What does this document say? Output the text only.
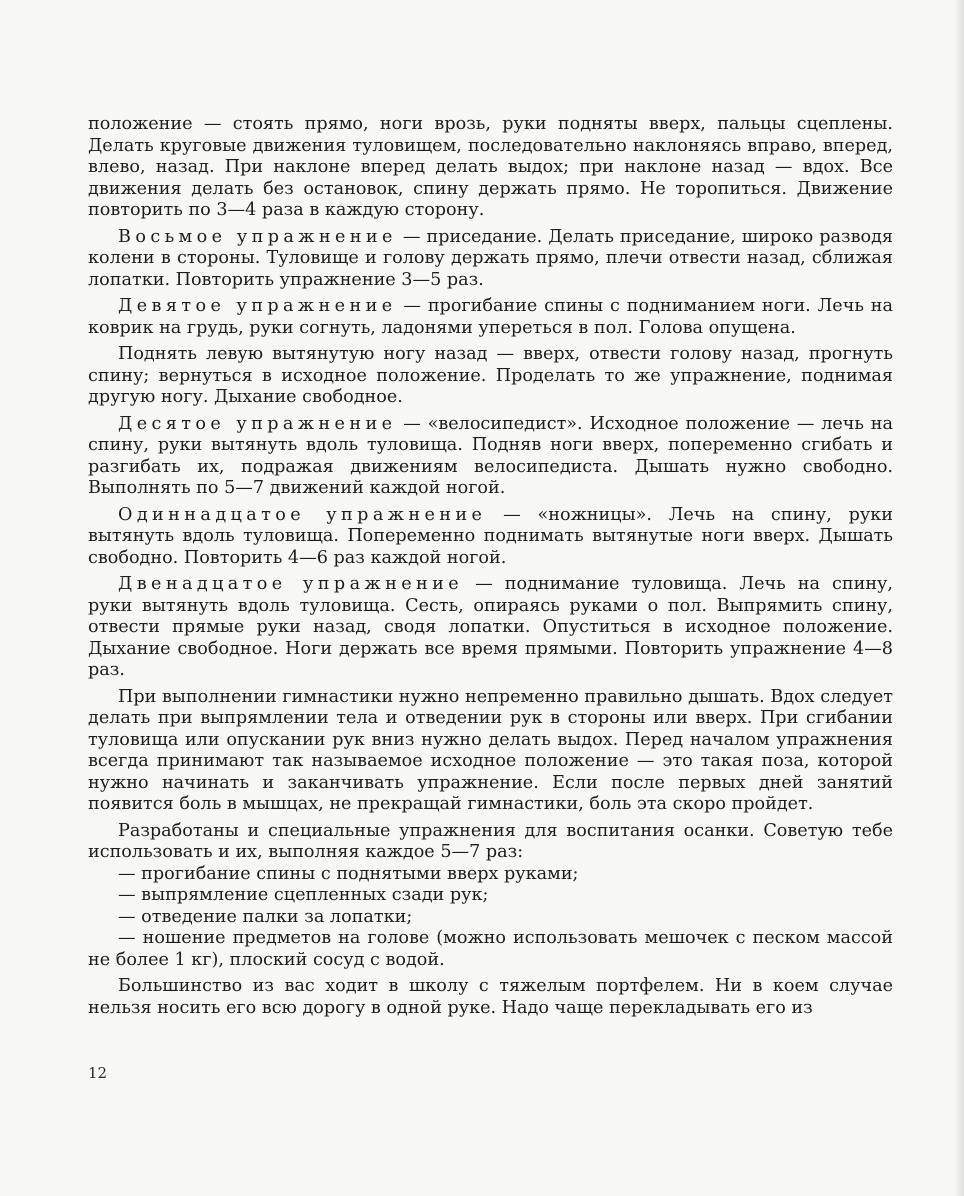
положение — стоять прямо, ноги врозь, руки подняты вверх, пальцы сцеплены. Делать круговые движения туловищем, последовательно наклоняясь вправо, вперед, влево, назад. При наклоне вперед делать выдох; при наклоне назад — вдох. Все движения делать без остановок, спину держать прямо. Не торопиться. Движение повторить по 3—4 раза в каждую сторону.

Восьмое упражнение — приседание. Делать приседание, широко разводя колени в стороны. Туловище и голову держать прямо, плечи отвести назад, сближая лопатки. Повторить упражнение 3—5 раз.

Девятое упражнение — прогибание спины с подниманием ноги. Лечь на коврик на грудь, руки согнуть, ладонями упереться в пол. Голова опущена.

Поднять левую вытянутую ногу назад — вверх, отвести голову назад, прогнуть спину; вернуться в исходное положение. Проделать то же упражнение, поднимая другую ногу. Дыхание свободное.

Десятое упражнение — «велосипедист». Исходное положение — лечь на спину, руки вытянуть вдоль туловища. Подняв ноги вверх, попеременно сгибать и разгибать их, подражая движениям велосипедиста. Дышать нужно свободно. Выполнять по 5—7 движений каждой ногой.

Одиннадцатое упражнение — «ножницы». Лечь на спину, руки вытянуть вдоль туловища. Попеременно поднимать вытянутые ноги вверх. Дышать свободно. Повторить 4—6 раз каждой ногой.

Двенадцатое упражнение — поднимание туловища. Лечь на спину, руки вытянуть вдоль туловища. Сесть, опираясь руками о пол. Выпрямить спину, отвести прямые руки назад, сводя лопатки. Опуститься в исходное положение. Дыхание свободное. Ноги держать все время прямыми. Повторить упражнение 4—8 раз.

При выполнении гимнастики нужно непременно правильно дышать. Вдох следует делать при выпрямлении тела и отведении рук в стороны или вверх. При сгибании туловища или опускании рук вниз нужно делать выдох. Перед началом упражнения всегда принимают так называемое исходное положение — это такая поза, которой нужно начинать и заканчивать упражнение. Если после первых дней занятий появится боль в мышцах, не прекращай гимнастики, боль эта скоро пройдет.

Разработаны и специальные упражнения для воспитания осанки. Советую тебе использовать и их, выполняя каждое 5—7 раз:

— прогибание спины с поднятыми вверх руками;

— выпрямление сцепленных сзади рук;

— отведение палки за лопатки;

— ношение предметов на голове (можно использовать мешочек с песком массой не более 1 кг), плоский сосуд с водой.

Большинство из вас ходит в школу с тяжелым портфелем. Ни в коем случае нельзя носить его всю дорогу в одной руке. Надо чаще перекладывать его из

12
